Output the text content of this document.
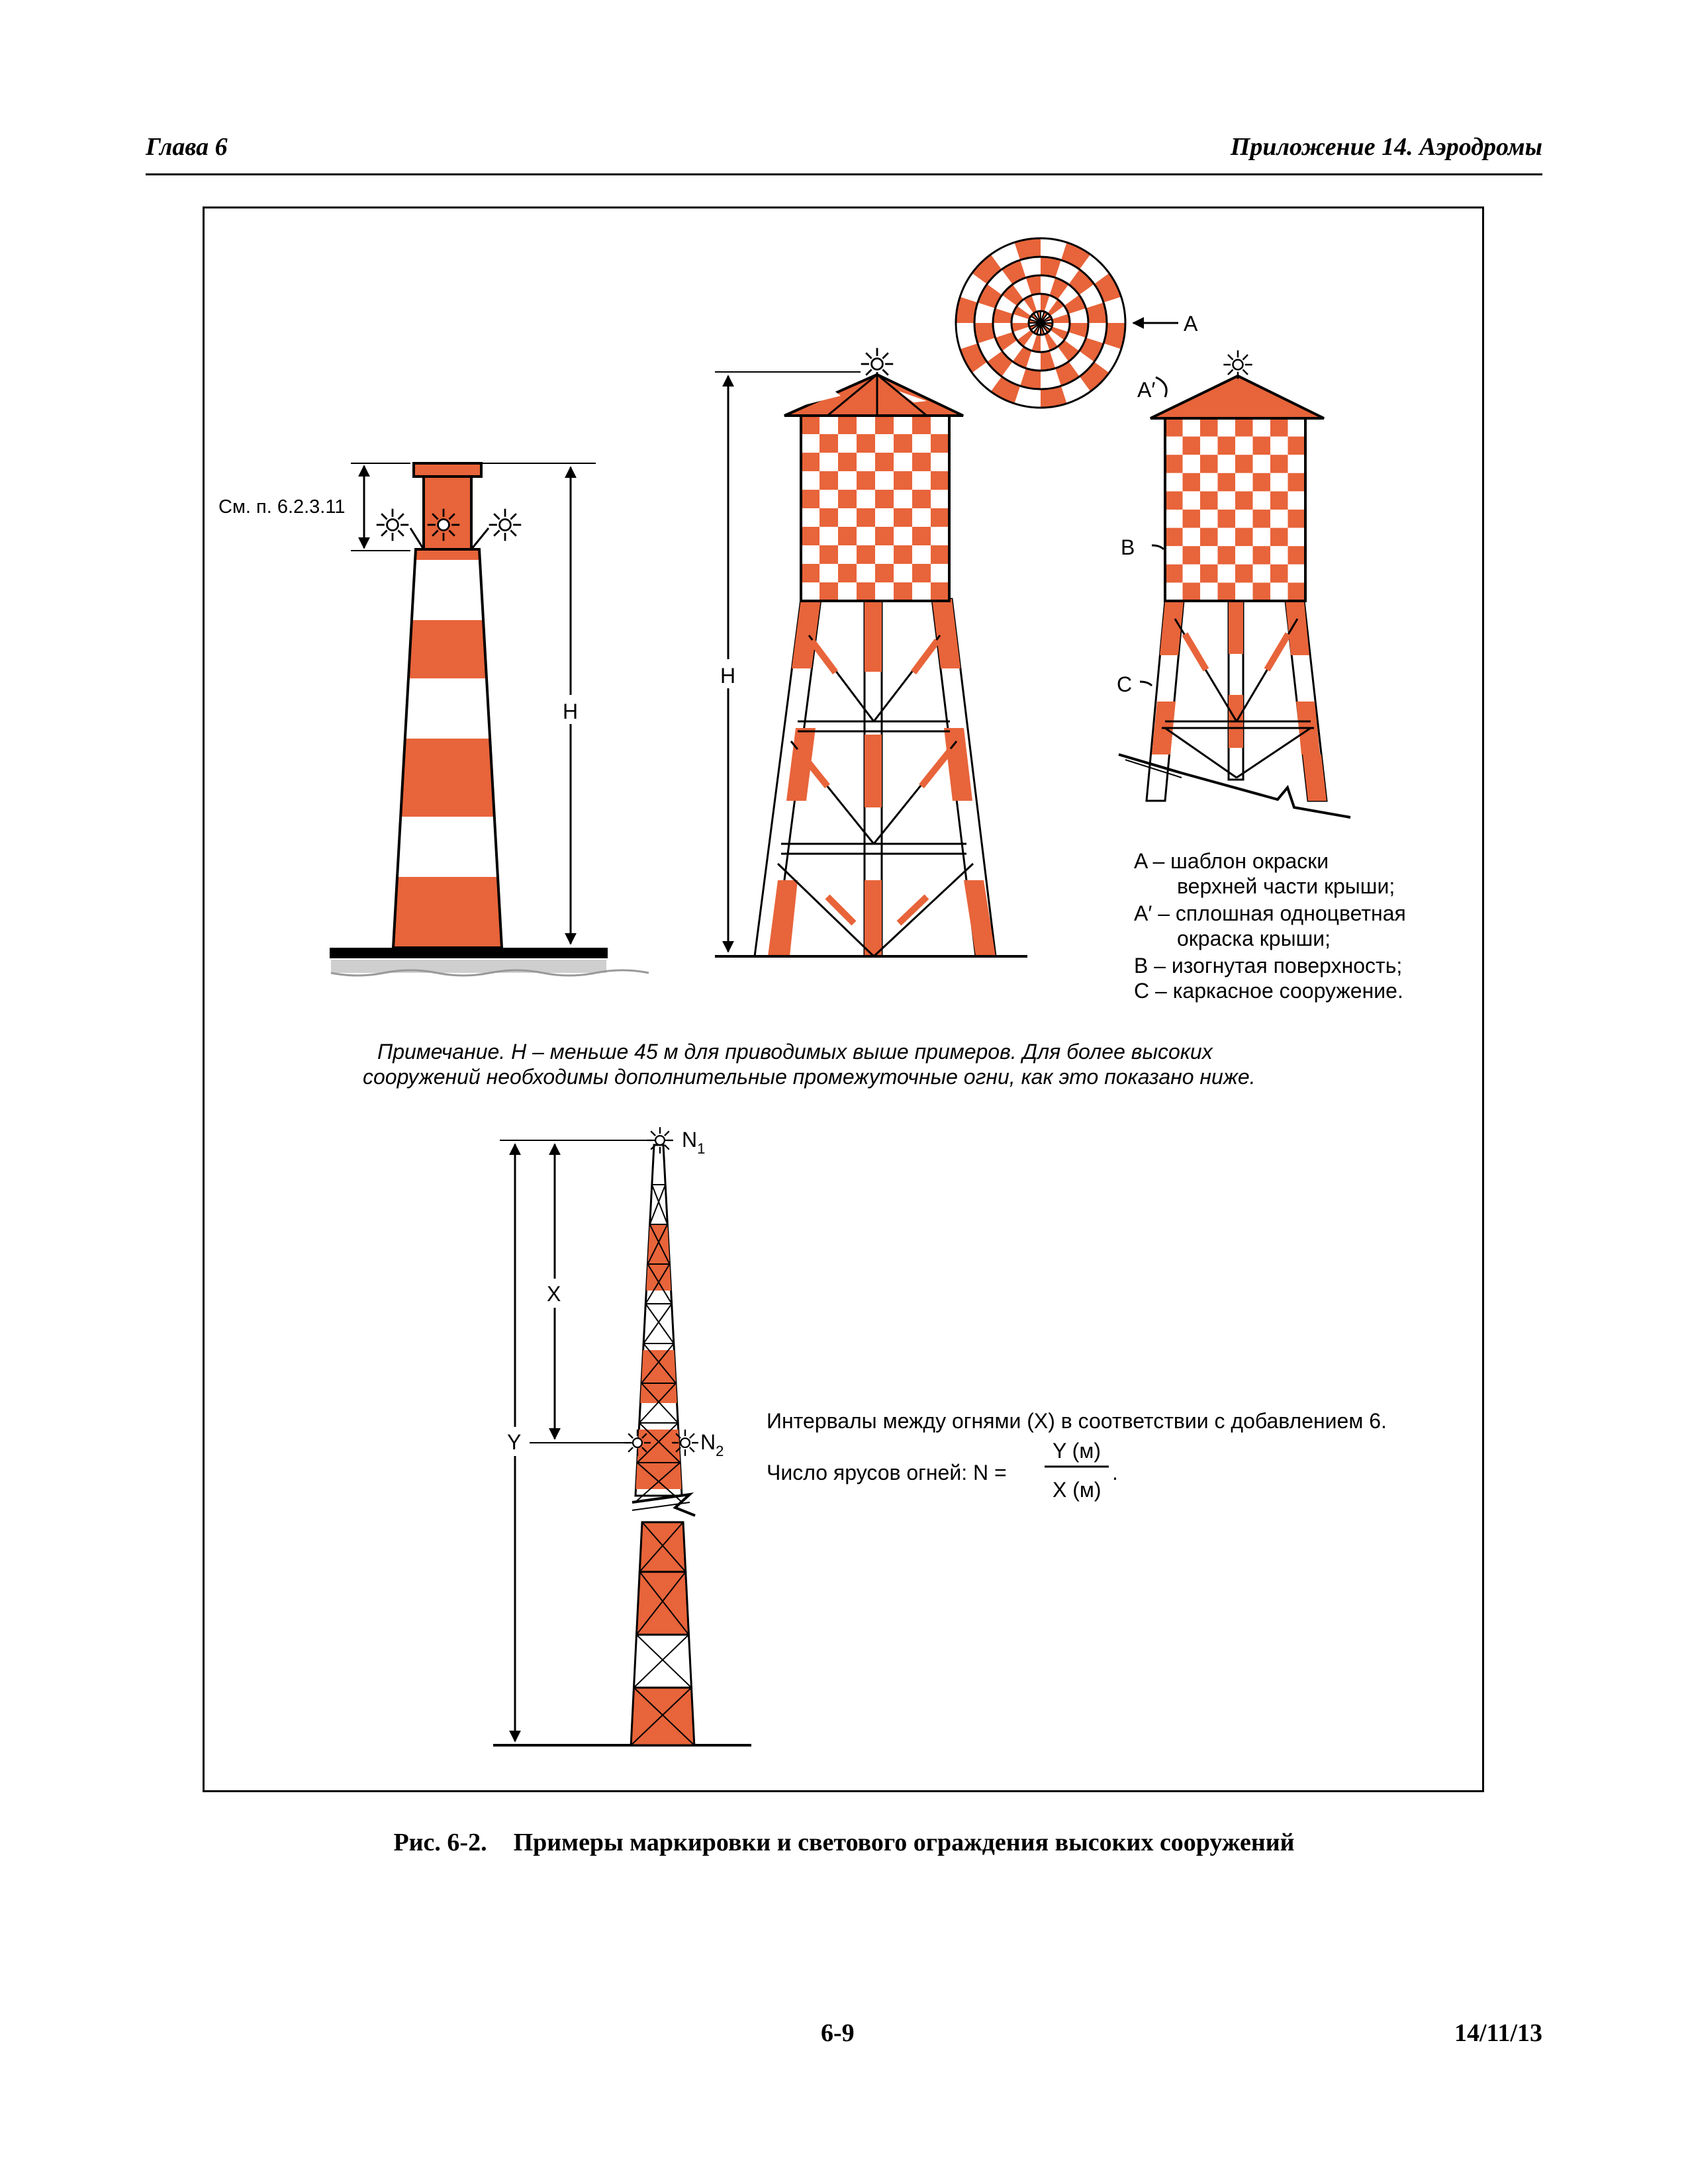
Глава 6	Приложение 14. Аэродромы
См. п. 6.2.3.11
H
H
A
A′
B
C
A – шаблон окраски
верхней части крыши;
A′ – сплошная одноцветная
окраска крыши;
B – изогнутая поверхность;
C – каркасное сооружение.
Примечание. H – меньше 45 м для приводимых выше примеров. Для более высоких
сооружений необходимы дополнительные промежуточные огни, как это показано ниже.
X
Y
$N_1$
$N_2$
Интервалы между огнями (X) в соответствии с добавлением 6.
Число ярусов огней: N =
Y (м)
X (м)
.
Рис. 6-2. Примеры маркировки и светового ограждения высоких сооружений
6-9	14/11/13
